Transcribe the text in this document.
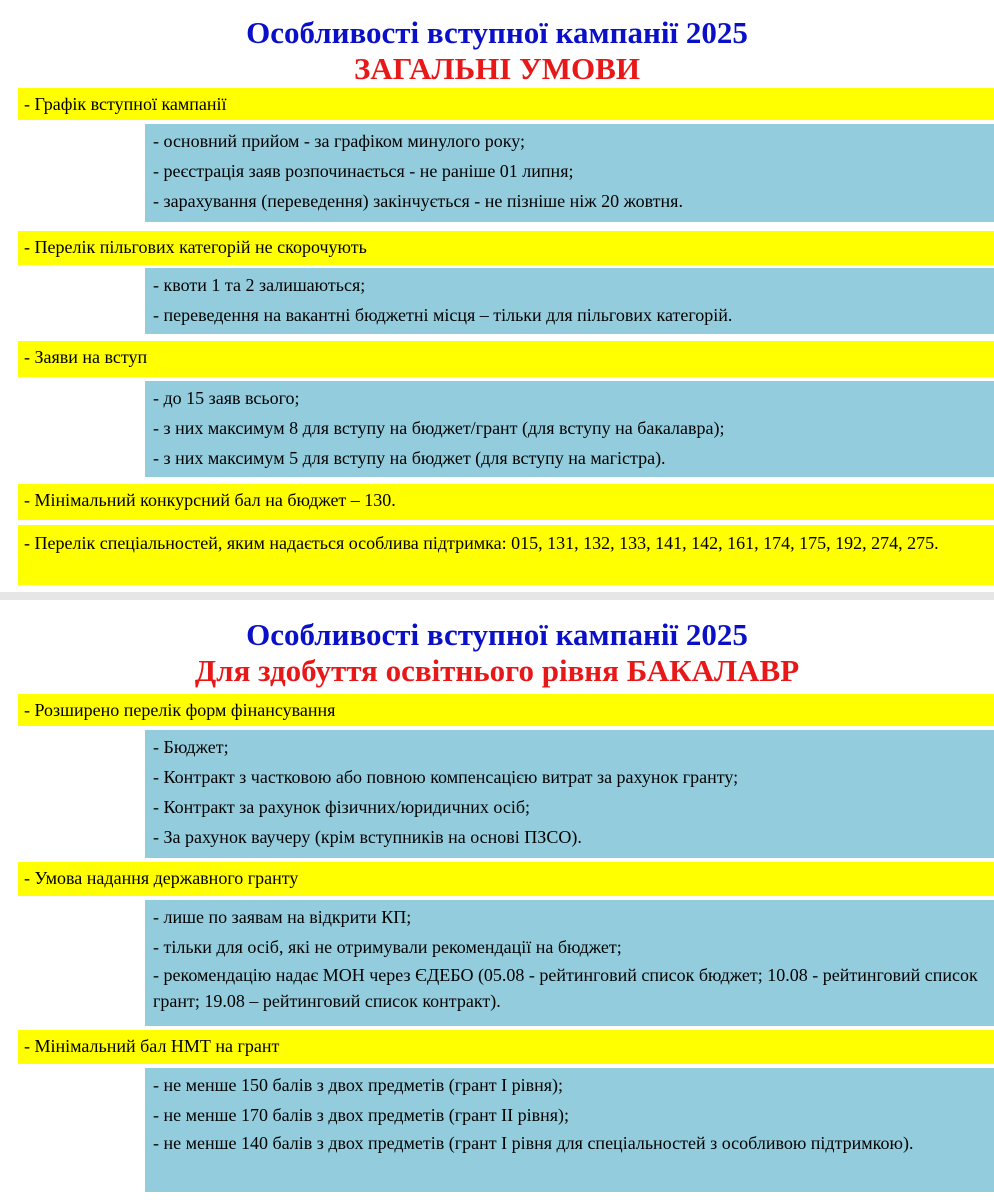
Особливості вступної кампанії 2025
ЗАГАЛЬНІ УМОВИ
- Графік вступної кампанії
- основний прийом - за графіком минулого року;
- реєстрація заяв розпочинається - не раніше 01 липня;
- зарахування (переведення) закінчується - не пізніше ніж 20 жовтня.
- Перелік пільгових категорій не скорочують
- квоти 1 та 2 залишаються;
- переведення на вакантні бюджетні місця – тільки для пільгових категорій.
- Заяви на вступ
- до 15 заяв всього;
- з них максимум 8 для вступу на бюджет/грант (для вступу на бакалавра);
- з них максимум 5 для вступу на бюджет (для вступу на магістра).
- Мінімальний конкурсний бал на бюджет – 130.
- Перелік спеціальностей, яким надається особлива підтримка: 015, 131, 132, 133, 141, 142, 161, 174, 175, 192, 274, 275.
Особливості вступної кампанії 2025
Для здобуття освітнього рівня БАКАЛАВР
- Розширено перелік форм фінансування
- Бюджет;
- Контракт з частковою або повною компенсацією витрат за рахунок гранту;
- Контракт за рахунок фізичних/юридичних осіб;
- За рахунок ваучеру (крім вступників на основі ПЗСО).
- Умова надання державного гранту
- лише по заявам на відкрити КП;
- тільки для осіб, які не отримували рекомендації на бюджет;
- рекомендацію надає МОН через ЄДЕБО (05.08 - рейтинговий список бюджет; 10.08 - рейтинговий список грант; 19.08 – рейтинговий список контракт).
- Мінімальний бал НМТ на грант
- не менше 150 балів з двох предметів (грант I рівня);
- не менше 170 балів з двох предметів (грант II рівня);
- не менше 140 балів з двох предметів (грант I рівня для спеціальностей з особливою підтримкою).
